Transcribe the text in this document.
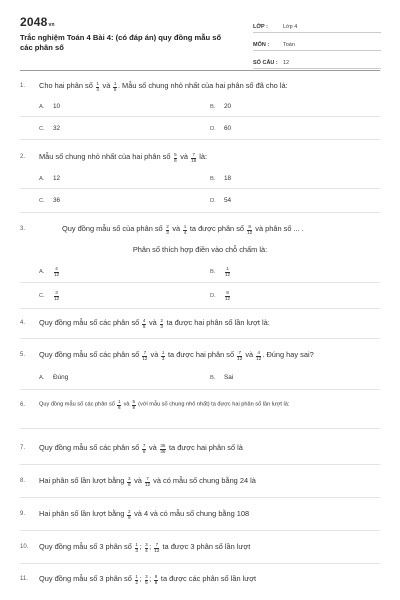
2048vn
Trắc nghiệm Toán 4 Bài 4: (có đáp án) quy đồng mẫu số các phân số
LỚP :	Lớp 4
MÔN :	Toán
SỐ CÂU : 12
1.	Cho hai phân số $\frac{1}{4}$ và $\frac{1}{5}$ . Mẫu số chung nhỏ nhất của hai phân số đã cho là:
A. 10	B. 20
C. 32	D. 60
2.	Mẫu số chung nhỏ nhất của hai phân số $\frac{5}{6}$ và $\frac{7}{18}$ là:
A. 12	B. 18
C. 36	D. 54
3.	Quy đồng mẫu số của phân số $\frac{2}{3}$ và $\frac{1}{4}$ ta được phân số $\frac{8}{12}$ và phân số ... .
Phân số thích hợp điền vào chỗ chấm là:
A. $\frac{4}{12}$	B. $\frac{1}{12}$
C. $\frac{3}{12}$	D. $\frac{8}{12}$
4.	Quy đồng mẫu số các phân số $\frac{4}{5}$ và $\frac{2}{3}$ ta được hai phân số lần lượt là:
5.	Quy đồng mẫu số các phân số $\frac{7}{12}$ và $\frac{1}{3}$ ta được hai phân số $\frac{7}{12}$ và $\frac{4}{12}$ . Đúng hay sai?
A. Đúng	B. Sai
6.	Quy đồng mẫu số các phân số $\frac{1}{6}$ và $\frac{5}{8}$ (với mẫu số chung nhỏ nhất) ta được hai phân số lần lượt là:
7.	Quy đồng mẫu số các phân số $\frac{7}{6}$ và $\frac{35}{36}$ ta được hai phân số là
8.	Hai phân số lần lượt bằng $\frac{3}{8}$ và $\frac{7}{12}$ và có mẫu số chung bằng 24 là
9.	Hai phân số lần lượt bằng $\frac{2}{9}$ và 4 và có mẫu số chung bằng 108
10.	Quy đồng mẫu số 3 phân số $\frac{1}{3}$ ; $\frac{3}{4}$ ; $\frac{7}{12}$ ta được 3 phân số lần lượt
11.	Quy đồng mẫu số 3 phân số $\frac{1}{2}$ ; $\frac{3}{5}$ ; $\frac{9}{8}$ ta được các phân số lần lượt
